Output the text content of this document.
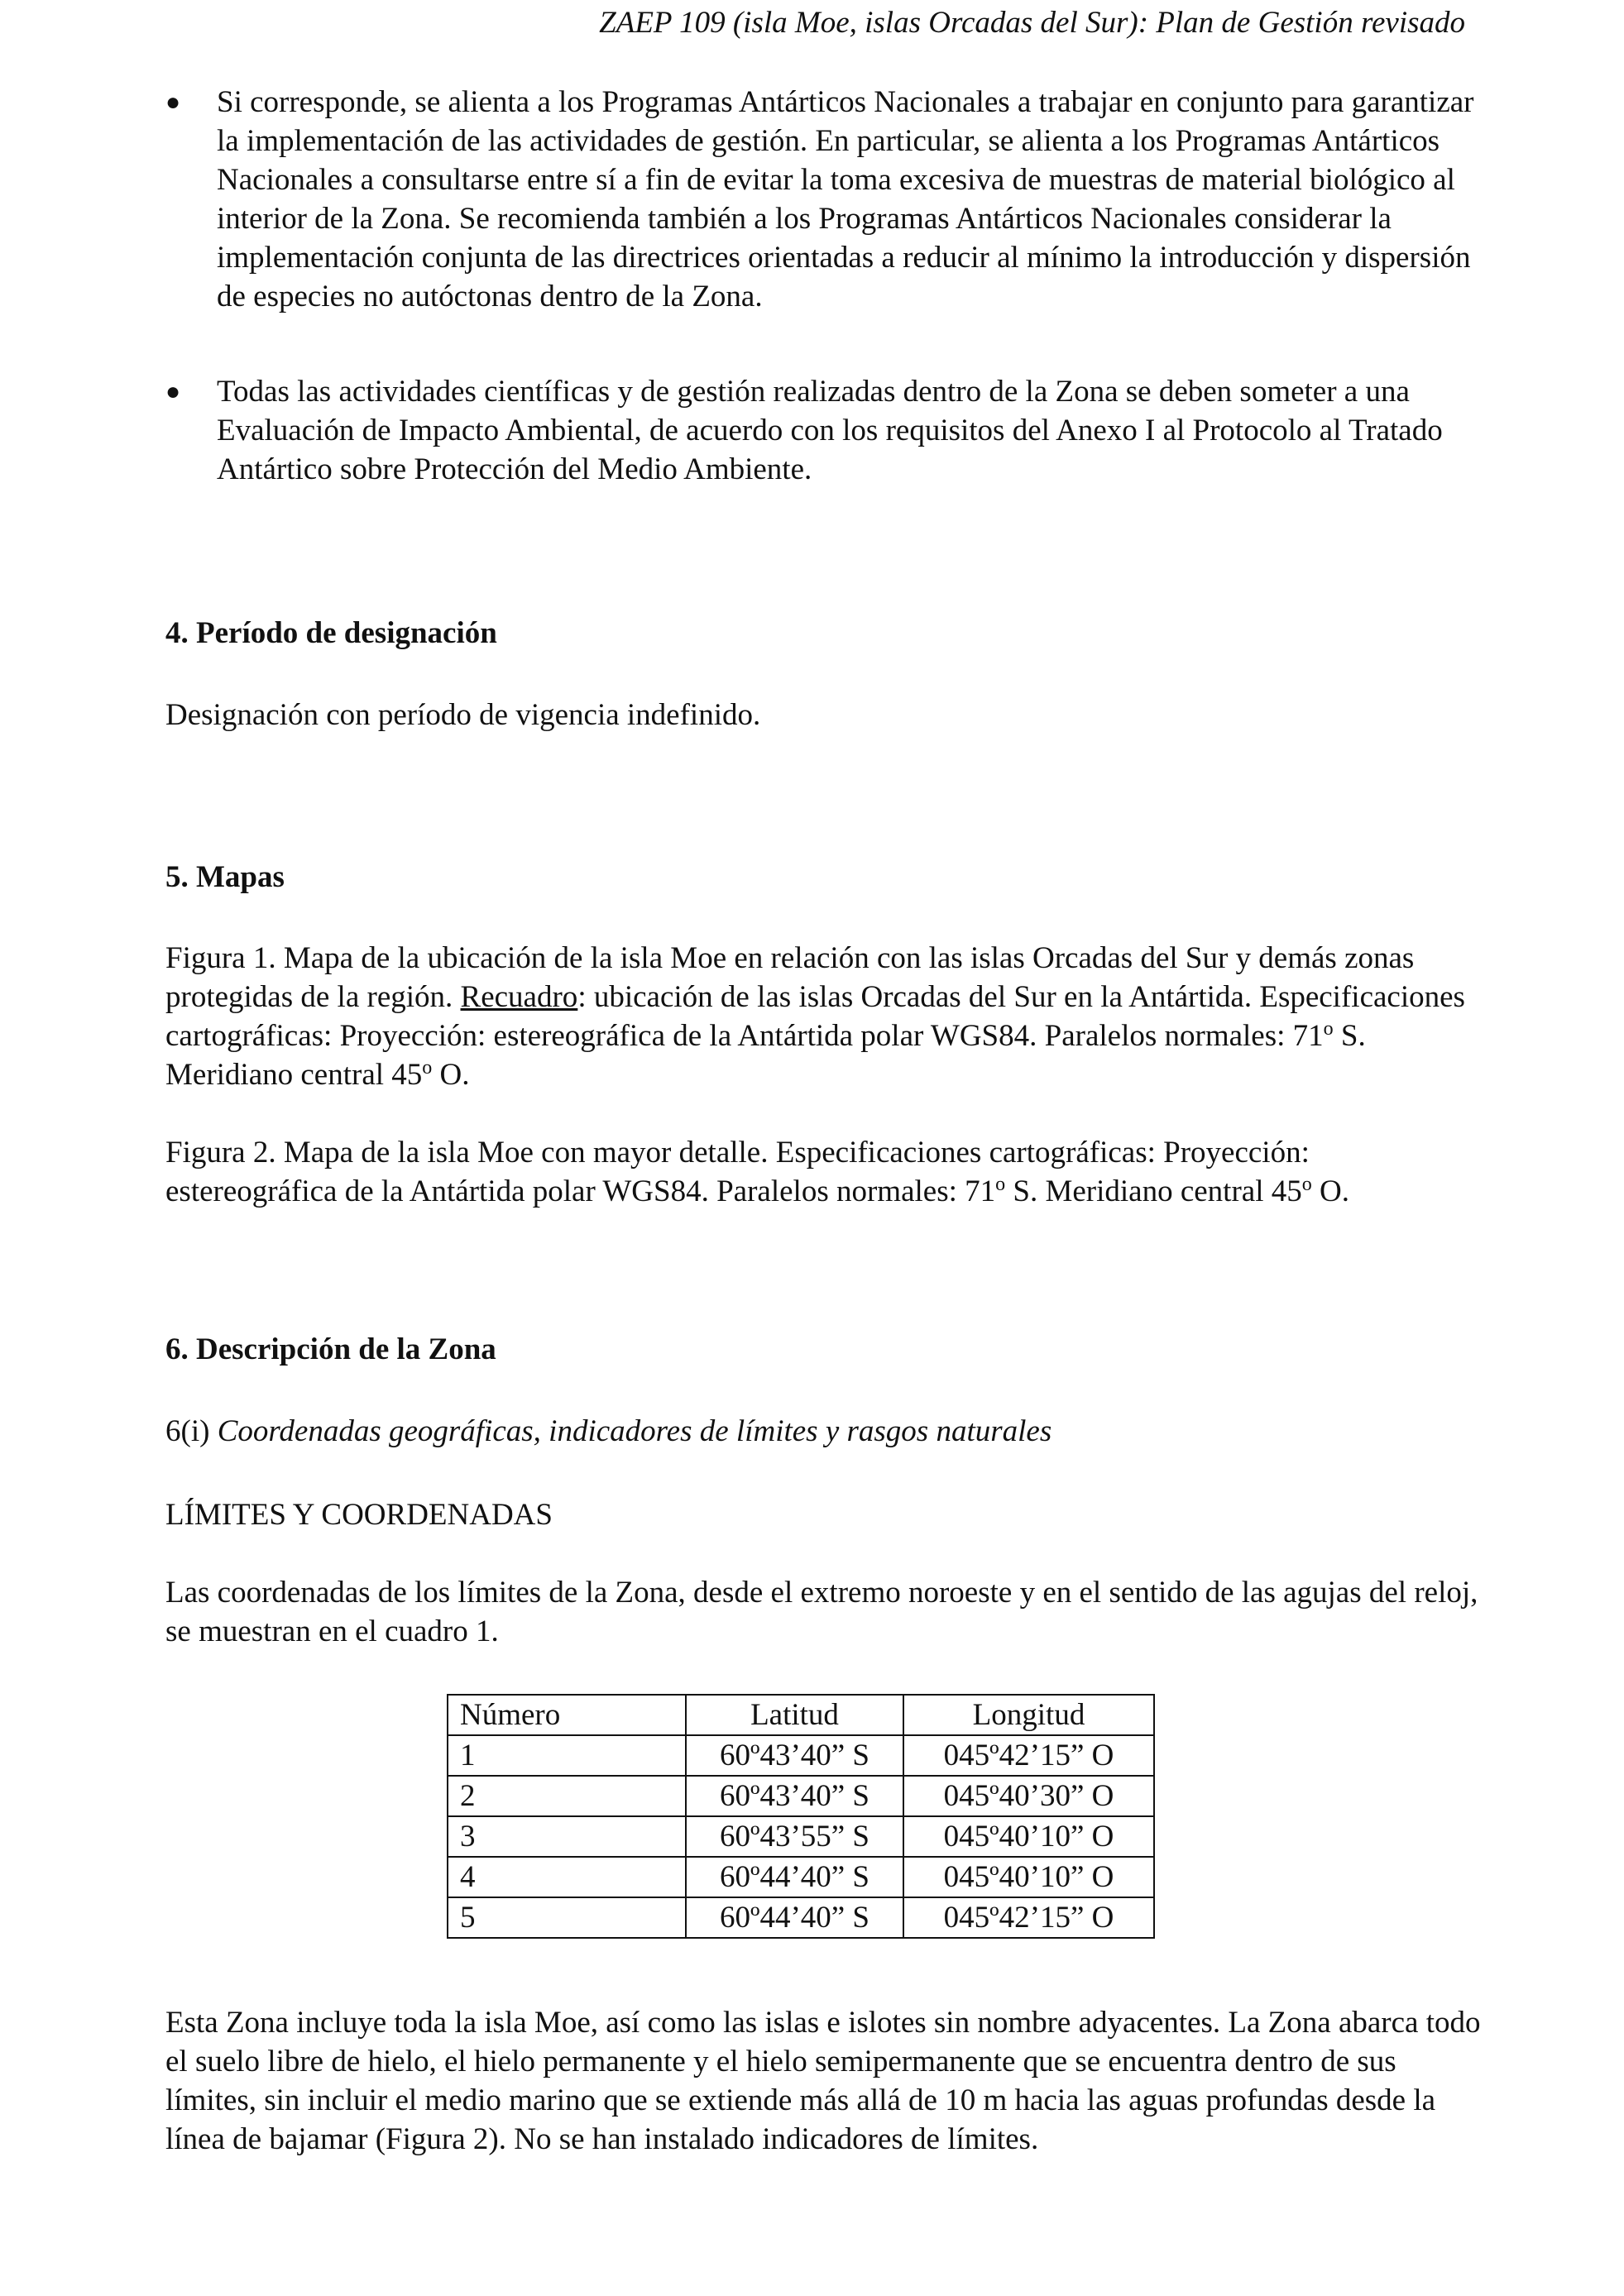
ZAEP 109 (isla Moe, islas Orcadas del Sur): Plan de Gestión revisado
● Si corresponde, se alienta a los Programas Antárticos Nacionales a trabajar en conjunto para garantizar la implementación de las actividades de gestión. En particular, se alienta a los Programas Antárticos Nacionales a consultarse entre sí a fin de evitar la toma excesiva de muestras de material biológico al interior de la Zona. Se recomienda también a los Programas Antárticos Nacionales considerar la implementación conjunta de las directrices orientadas a reducir al mínimo la introducción y dispersión de especies no autóctonas dentro de la Zona.
● Todas las actividades científicas y de gestión realizadas dentro de la Zona se deben someter a una Evaluación de Impacto Ambiental, de acuerdo con los requisitos del Anexo I al Protocolo al Tratado Antártico sobre Protección del Medio Ambiente.

4. Período de designación

Designación con período de vigencia indefinido.

5. Mapas

Figura 1. Mapa de la ubicación de la isla Moe en relación con las islas Orcadas del Sur y demás zonas protegidas de la región. Recuadro: ubicación de las islas Orcadas del Sur en la Antártida. Especificaciones cartográficas: Proyección: estereográfica de la Antártida polar WGS84. Paralelos normales: 71$^o$ S. Meridiano central 45$^o$ O.

Figura 2. Mapa de la isla Moe con mayor detalle. Especificaciones cartográficas: Proyección: estereográfica de la Antártida polar WGS84. Paralelos normales: 71$^o$ S. Meridiano central 45$^o$ O.

6. Descripción de la Zona

6(i) Coordenadas geográficas, indicadores de límites y rasgos naturales

LÍMITES Y COORDENADAS

Las coordenadas de los límites de la Zona, desde el extremo noroeste y en el sentido de las agujas del reloj, se muestran en el cuadro 1.

Número	Latitud	Longitud
1	60º43’40” S	045º42’15” O
2	60º43’40” S	045º40’30” O
3	60º43’55” S	045º40’10” O
4	60º44’40” S	045º40’10” O
5	60º44’40” S	045º42’15” O

Esta Zona incluye toda la isla Moe, así como las islas e islotes sin nombre adyacentes. La Zona abarca todo el suelo libre de hielo, el hielo permanente y el hielo semipermanente que se encuentra dentro de sus límites, sin incluir el medio marino que se extiende más allá de 10 m hacia las aguas profundas desde la línea de bajamar (Figura 2). No se han instalado indicadores de límites.
